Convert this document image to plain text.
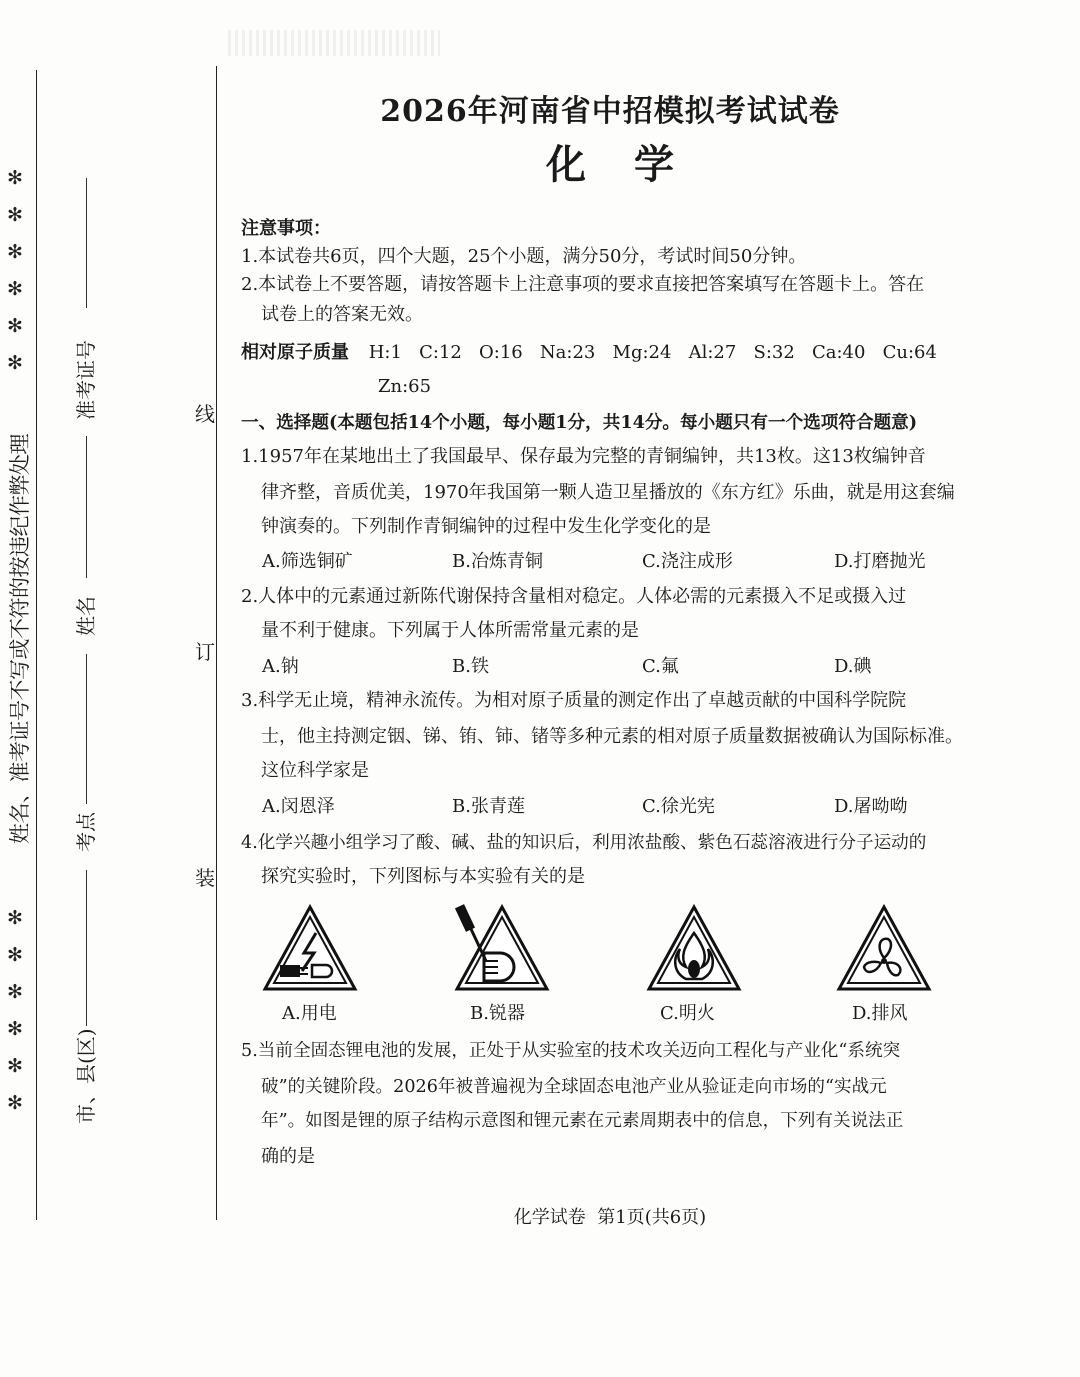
✻
✻
✻
✻
✻
✻
✻
✻
✻
✻
✻
✻
姓名、准考证号不写或不符的按违纪作弊处理
准考证号
姓名
考点
市、县(区)
线
订
装
2026年河南省中招模拟考试试卷
化学
注意事项：
1.本试卷共6页，四个大题，25个小题，满分50分，考试时间50分钟。
2.本试卷上不要答题，请按答题卡上注意事项的要求直接把答案填写在答题卡上。答在
试卷上的答案无效。
相对原子质量 H:1   C:12   O:16   Na:23   Mg:24   Al:27   S:32   Ca:40   Cu:64
Zn:65
一、选择题(本题包括14个小题，每小题1分，共14分。每小题只有一个选项符合题意)
1.1957年在某地出土了我国最早、保存最为完整的青铜编钟，共13枚。这13枚编钟音
律齐整，音质优美，1970年我国第一颗人造卫星播放的《东方红》乐曲，就是用这套编
钟演奏的。下列制作青铜编钟的过程中发生化学变化的是
A.筛选铜矿	B.冶炼青铜	C.浇注成形	D.打磨抛光
2.人体中的元素通过新陈代谢保持含量相对稳定。人体必需的元素摄入不足或摄入过
量不利于健康。下列属于人体所需常量元素的是
A.钠	B.铁	C.氟	D.碘
3.科学无止境，精神永流传。为相对原子质量的测定作出了卓越贡献的中国科学院院
士，他主持测定铟、锑、铕、铈、锗等多种元素的相对原子质量数据被确认为国际标准。
这位科学家是
A.闵恩泽	B.张青莲	C.徐光宪	D.屠呦呦
4.化学兴趣小组学习了酸、碱、盐的知识后，利用浓盐酸、紫色石蕊溶液进行分子运动的
探究实验时，下列图标与本实验有关的是
A.用电	B.锐器	C.明火	D.排风
5.当前全固态锂电池的发展，正处于从实验室的技术攻关迈向工程化与产业化“系统突
破”的关键阶段。2026年被普遍视为全球固态电池产业从验证走向市场的“实战元
年”。如图是锂的原子结构示意图和锂元素在元素周期表中的信息，下列有关说法正
确的是
化学试卷  第1页(共6页)
